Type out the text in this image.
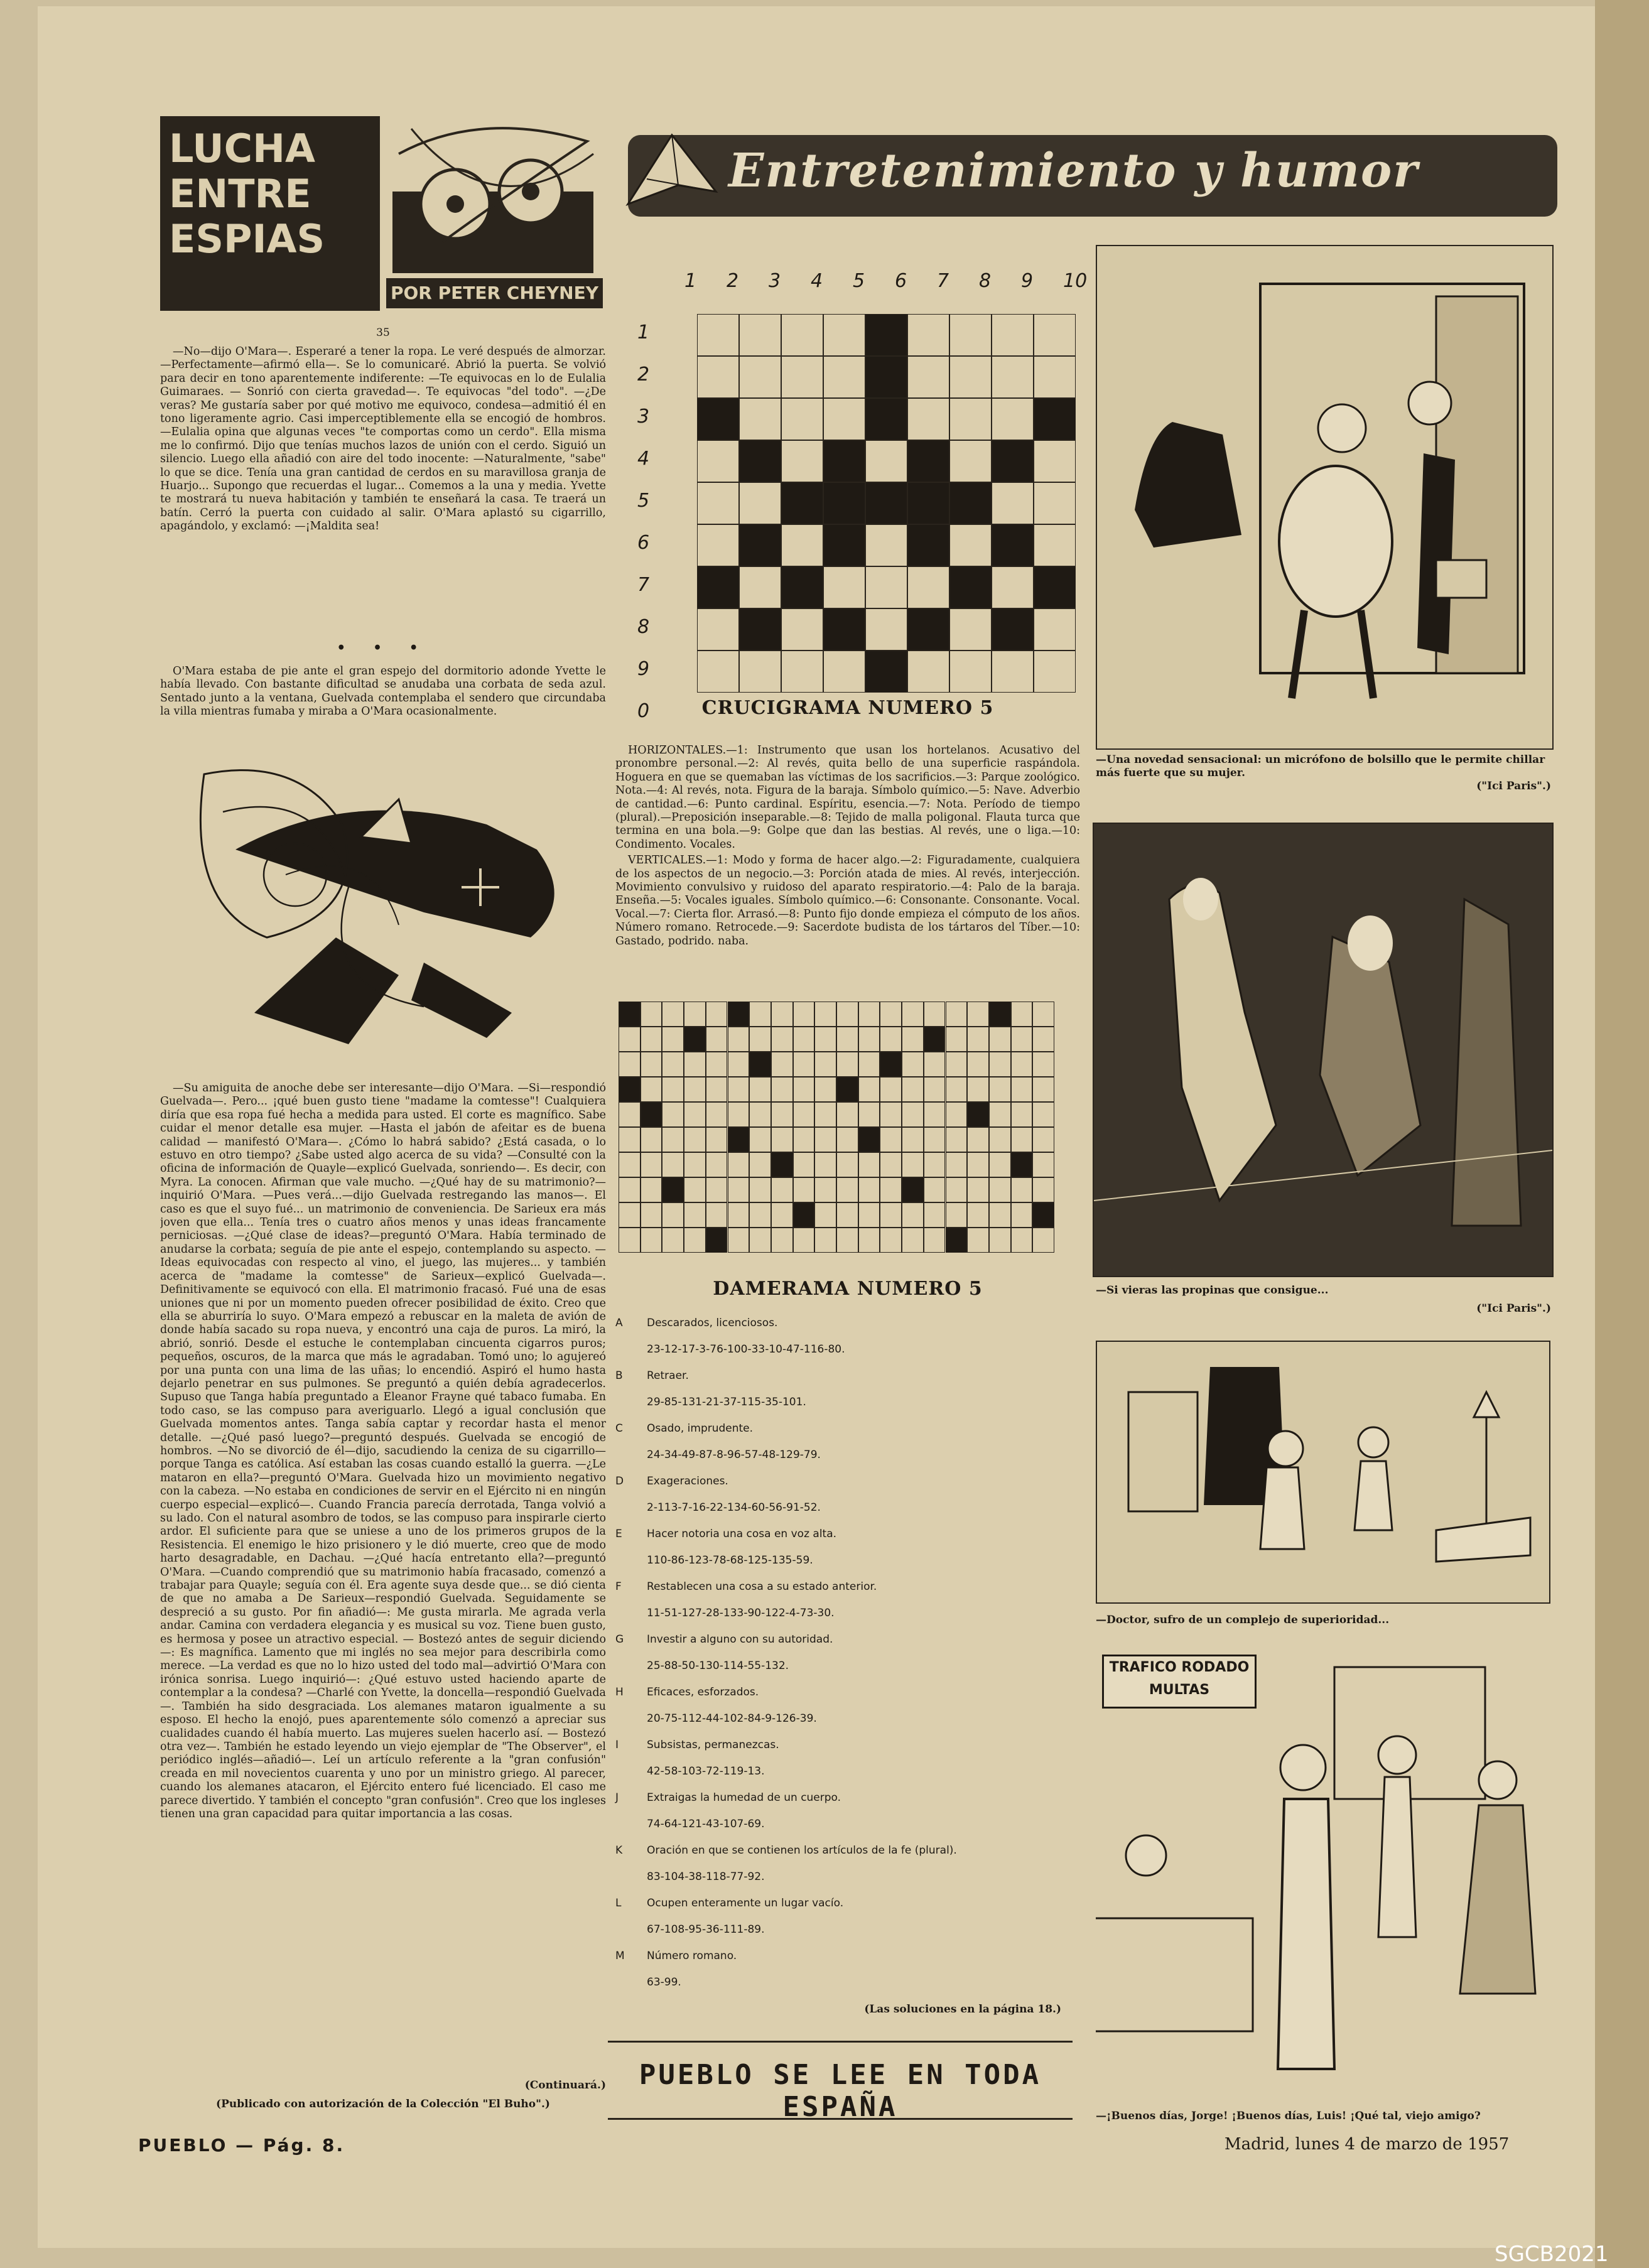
LUCHA
ENTRE
ESPIAS
POR PETER CHEYNEY
35

—No—dijo O'Mara—. Esperaré a tener la ropa. Le veré después de almorzar. —Perfectamente—afirmó ella—. Se lo comunicaré. Abrió la puerta. Se volvió para decir en tono aparentemente indiferente: —Te equivocas en lo de Eulalia Guimaraes. — Sonrió con cierta gravedad—. Te equivocas "del todo". —¿De veras? Me gustaría saber por qué motivo me equivoco, condesa—admitió él en tono ligeramente agrio. Casi imperceptiblemente ella se encogió de hombros. —Eulalia opina que algunas veces "te comportas como un cerdo". Ella misma me lo confirmó. Dijo que tenías muchos lazos de unión con el cerdo. Siguió un silencio. Luego ella añadió con aire del todo inocente: —Naturalmente, "sabe" lo que se dice. Tenía una gran cantidad de cerdos en su maravillosa granja de Huarjo... Supongo que recuerdas el lugar... Comemos a la una y media. Yvette te mostrará tu nueva habitación y también te enseñará la casa. Te traerá un batín. Cerró la puerta con cuidado al salir. O'Mara aplastó su cigarrillo, apagándolo, y exclamó: —¡Maldita sea!

• • •

O'Mara estaba de pie ante el gran espejo del dormitorio adonde Yvette le había llevado. Con bastante dificultad se anudaba una corbata de seda azul. Sentado junto a la ventana, Guelvada contemplaba el sendero que circundaba la villa mientras fumaba y miraba a O'Mara ocasionalmente.

—Su amiguita de anoche debe ser interesante—dijo O'Mara. —Si—respondió Guelvada—. Pero... ¡qué buen gusto tiene "madame la comtesse"! Cualquiera diría que esa ropa fué hecha a medida para usted. El corte es magnífico. Sabe cuidar el menor detalle esa mujer. —Hasta el jabón de afeitar es de buena calidad — manifestó O'Mara—. ¿Cómo lo habrá sabido? ¿Está casada, o lo estuvo en otro tiempo? ¿Sabe usted algo acerca de su vida? —Consulté con la oficina de información de Quayle—explicó Guelvada, sonriendo—. Es decir, con Myra. La conocen. Afirman que vale mucho. —¿Qué hay de su matrimonio?—inquirió O'Mara. —Pues verá...—dijo Guelvada restregando las manos—. El caso es que el suyo fué... un matrimonio de conveniencia. De Sarieux era más joven que ella... Tenía tres o cuatro años menos y unas ideas francamente perniciosas. —¿Qué clase de ideas?—preguntó O'Mara. Había terminado de anudarse la corbata; seguía de pie ante el espejo, contemplando su aspecto. —Ideas equivocadas con respecto al vino, el juego, las mujeres... y también acerca de "madame la comtesse" de Sarieux—explicó Guelvada—. Definitivamente se equivocó con ella. El matrimonio fracasó. Fué una de esas uniones que ni por un momento pueden ofrecer posibilidad de éxito. Creo que ella se aburriría lo suyo. O'Mara empezó a rebuscar en la maleta de avión de donde había sacado su ropa nueva, y encontró una caja de puros. La miró, la abrió, sonrió. Desde el estuche le contemplaban cincuenta cigarros puros; pequeños, oscuros, de la marca que más le agradaban. Tomó uno; lo agujereó por una punta con una lima de las uñas; lo encendió. Aspiró el humo hasta dejarlo penetrar en sus pulmones. Se preguntó a quién debía agradecerlos. Supuso que Tanga había preguntado a Eleanor Frayne qué tabaco fumaba. En todo caso, se las compuso para averiguarlo. Llegó a igual conclusión que Guelvada momentos antes. Tanga sabía captar y recordar hasta el menor detalle. —¿Qué pasó luego?—preguntó después. Guelvada se encogió de hombros. —No se divorció de él—dijo, sacudiendo la ceniza de su cigarrillo—porque Tanga es católica. Así estaban las cosas cuando estalló la guerra. —¿Le mataron en ella?—preguntó O'Mara. Guelvada hizo un movimiento negativo con la cabeza. —No estaba en condiciones de servir en el Ejército ni en ningún cuerpo especial—explicó—. Cuando Francia parecía derrotada, Tanga volvió a su lado. Con el natural asombro de todos, se las compuso para inspirarle cierto ardor. El suficiente para que se uniese a uno de los primeros grupos de la Resistencia. El enemigo le hizo prisionero y le dió muerte, creo que de modo harto desagradable, en Dachau. —¿Qué hacía entretanto ella?—preguntó O'Mara. —Cuando comprendió que su matrimonio había fracasado, comenzó a trabajar para Quayle; seguía con él. Era agente suya desde que... se dió cienta de que no amaba a De Sarieux—respondió Guelvada. Seguidamente se despreció a su gusto. Por fin añadió—: Me gusta mirarla. Me agrada verla andar. Camina con verdadera elegancia y es musical su voz. Tiene buen gusto, es hermosa y posee un atractivo especial. — Bostezó antes de seguir diciendo—: Es magnífica. Lamento que mi inglés no sea mejor para describirla como merece. —La verdad es que no lo hizo usted del todo mal—advirtió O'Mara con irónica sonrisa. Luego inquirió—: ¿Qué estuvo usted haciendo aparte de contemplar a la condesa? —Charlé con Yvette, la doncella—respondió Guelvada—. También ha sido desgraciada. Los alemanes mataron igualmente a su esposo. El hecho la enojó, pues aparentemente sólo comenzó a apreciar sus cualidades cuando él había muerto. Las mujeres suelen hacerlo así. — Bostezó otra vez—. También he estado leyendo un viejo ejemplar de "The Observer", el periódico inglés—añadió—. Leí un artículo referente a la "gran confusión" creada en mil novecientos cuarenta y uno por un ministro griego. Al parecer, cuando los alemanes atacaron, el Ejército entero fué licenciado. El caso me parece divertido. Y también el concepto "gran confusión". Creo que los ingleses tienen una gran capacidad para quitar importancia a las cosas.

(Continuará.)
(Publicado con autorización de la Colección "El Buho".)
Entretenimiento y humor
1 2 3 4 5 6 7 8 9 10
1
2
3
4
5
6
7
8
9
0	CRUCIGRAMA NUMERO 5

HORIZONTALES.—1: Instrumento que usan los hortelanos. Acusativo del pronombre personal.—2: Al revés, quita bello de una superficie raspándola. Hoguera en que se quemaban las víctimas de los sacrificios.—3: Parque zoológico. Nota.—4: Al revés, nota. Figura de la baraja. Símbolo químico.—5: Nave. Adverbio de cantidad.—6: Punto cardinal. Espíritu, esencia.—7: Nota. Período de tiempo (plural).—Preposición inseparable.—8: Tejido de malla poligonal. Flauta turca que termina en una bola.—9: Golpe que dan las bestias. Al revés, une o liga.—10: Condimento. Vocales.

VERTICALES.—1: Modo y forma de hacer algo.—2: Figuradamente, cualquiera de los aspectos de un negocio.—3: Porción atada de mies. Al revés, interjección. Movimiento convulsivo y ruidoso del aparato respiratorio.—4: Palo de la baraja. Enseña.—5: Vocales iguales. Símbolo químico.—6: Consonante. Consonante. Vocal. Vocal.—7: Cierta flor. Arrasó.—8: Punto fijo donde empieza el cómputo de los años. Número romano. Retrocede.—9: Sacerdote budista de los tártaros del Tíber.—10: Gastado, podrido. naba.

DAMERAMA NUMERO 5
A Descarados, licenciosos.
23-12-17-3-76-100-33-10-47-116-80.
B Retraer.
29-85-131-21-37-115-35-101.
C Osado, imprudente.
24-34-49-87-8-96-57-48-129-79.
D Exageraciones.
2-113-7-16-22-134-60-56-91-52.
E Hacer notoria una cosa en voz alta.
110-86-123-78-68-125-135-59.
F Restablecen una cosa a su estado anterior.
11-51-127-28-133-90-122-4-73-30.
G Investir a alguno con su autoridad.
25-88-50-130-114-55-132.
H Eficaces, esforzados.
20-75-112-44-102-84-9-126-39.
I	Subsistas, permanezcas.
42-58-103-72-119-13.
J	Extraigas la humedad de un cuerpo.
74-64-121-43-107-69.
K Oración en que se contienen los artículos de la fe (plural).
83-104-38-118-77-92.
L Ocupen enteramente un lugar vacío.
67-108-95-36-111-89.
M Número romano.
63-99.
(Las soluciones en la página 18.)
PUEBLO SE LEE EN TODA ESPAÑA
—Una novedad sensacional: un micrófono de bolsillo que le permite chillar más fuerte que su mujer.
("Ici Paris".)
—Si vieras las propinas que consigue...
("Ici Paris".)
—Doctor, sufro de un complejo de superioridad...
TRAFICO RODADO
MULTAS
—¡Buenos días, Jorge! ¡Buenos días, Luis! ¡Qué tal, viejo amigo?
PUEBLO — Pág. 8.	Madrid, lunes 4 de marzo de 1957
SGCB2021
